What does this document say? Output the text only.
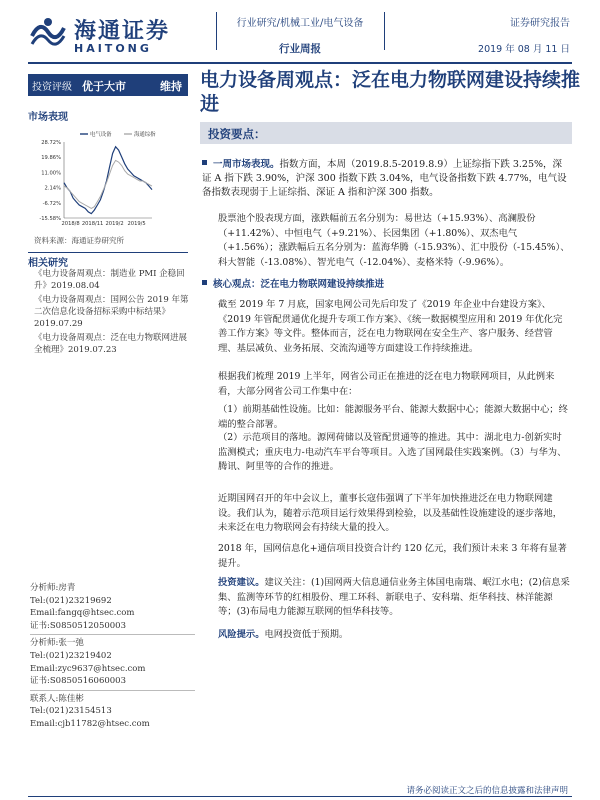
海通证券
HAITONG
行业研究/机械工业/电气设备
行业周报
证券研究报告
2019 年 08 月 11 日
投资评级 优于大市	维持
市场表现
28.72%
19.86%
11.00%
2.14%
-6.72%
-15.58%
2018/8 2018/11 2019/2 2019/5
电气设备	海通综指
资料来源：海通证券研究所
相关研究
《电力设备周观点：制造业 PMI 企稳回升》2019.08.04
《电力设备周观点：国网公告 2019 年第二次信息化设备招标采购中标结果》2019.07.29
《电力设备周观点：泛在电力物联网进展全梳理》2019.07.23
分析师:房青
Tel:(021)23219692
Email:fangq@htsec.com
证书:S0850512050003
分析师:张一弛
Tel:(021)23219402
Email:zyc9637@htsec.com
证书:S0850516060003
联系人:陈佳彬
Tel:(021)23154513
Email:cjb11782@htsec.com
电力设备周观点：泛在电力物联网建设持续推进
投资要点：
一周市场表现。指数方面，本周（2019.8.5-2019.8.9）上证综指下跌 3.25%，深证 A 指下跌 3.90%，沪深 300 指数下跌 3.04%，电气设备指数下跌 4.77%，电气设备指数表现弱于上证综指、深证 A 指和沪深 300 指数。
股票池个股表现方面，涨跌幅前五名分别为：易世达（+15.93%）、高澜股份（+11.42%）、中恒电气（+9.21%）、长园集团（+1.80%）、双杰电气（+1.56%）；涨跌幅后五名分别为：蓝海华腾（-15.93%）、汇中股份（-15.45%）、科大智能（-13.08%）、智光电气（-12.04%）、麦格米特（-9.96%）。
核心观点：泛在电力物联网建设持续推进
截至 2019 年 7 月底，国家电网公司先后印发了《2019 年企业中台建设方案》、《2019 年管配贯通优化提升专项工作方案》、《统一数据模型应用和 2019 年优化完善工作方案》等文件。整体而言，泛在电力物联网在安全生产、客户服务、经营管理、基层减负、业务拓展、交流沟通等方面建设工作持续推进。
根据我们梳理 2019 上半年，网省公司正在推进的泛在电力物联网项目，从此例来看，大部分网省公司工作集中在：
（1）前期基础性设施。比如：能源服务平台、能源大数据中心；能源大数据中心；终端的整合部署。
（2）示范项目的落地。源网荷储以及管配贯通等的推进。其中：湖北电力-创新实时监测模式；重庆电力-电动汽车平台等项目。入选了国网最佳实践案例。（3）与华为、腾讯、阿里等的合作的推进。
近期国网召开的年中会议上，董事长寇伟强调了下半年加快推进泛在电力物联网建设。我们认为，随着示范项目运行效果得到检验，以及基础性设施建设的逐步落地，未来泛在电力物联网会有持续大量的投入。
2018 年，国网信息化+通信项目投资合计约 120 亿元，我们预计未来 3 年将有显著提升。
投资建议。建议关注：(1)国网两大信息通信业务主体国电南瑞、岷江水电；(2)信息采集、监测等环节的红相股份、理工环科、新联电子、安科瑞、炬华科技、林洋能源等；(3)布局电力能源互联网的恒华科技等。
风险提示。电网投资低于预期。
请务必阅读正文之后的信息披露和法律声明
